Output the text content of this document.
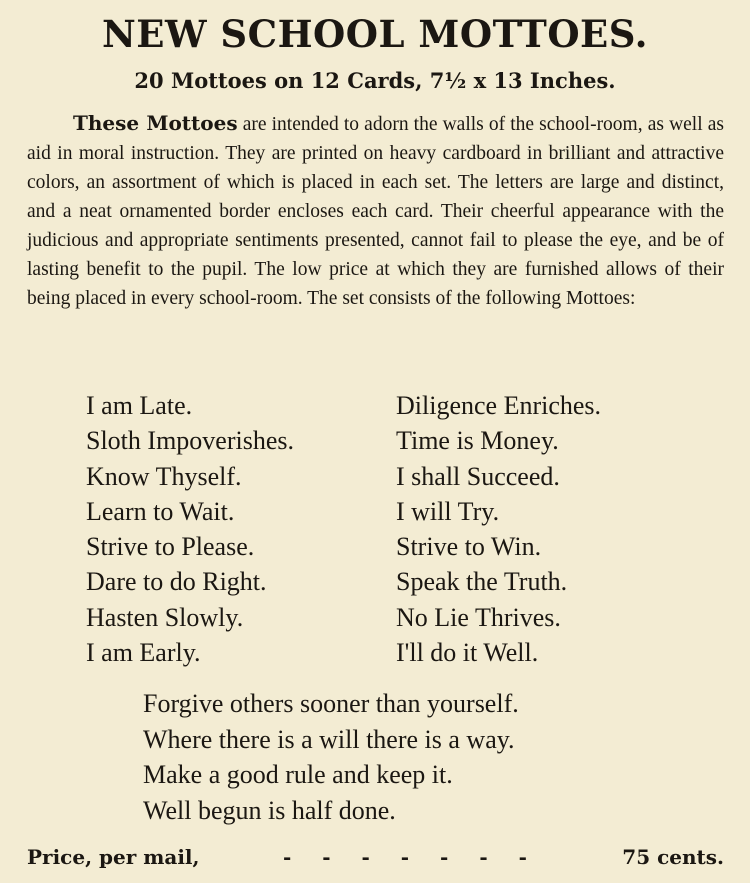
NEW SCHOOL MOTTOES.
20 Mottoes on 12 Cards, 7½ x 13 Inches.
These Mottoes are intended to adorn the walls of the school-room, as well as aid in moral instruction. They are printed on heavy cardboard in brilliant and attractive colors, an assortment of which is placed in each set. The letters are large and distinct, and a neat ornamented border encloses each card. Their cheerful appearance with the judicious and appropriate sentiments presented, cannot fail to please the eye, and be of lasting benefit to the pupil. The low price at which they are furnished allows of their being placed in every school-room. The set consists of the following Mottoes:
I am Late.
Sloth Impoverishes.
Know Thyself.
Learn to Wait.
Strive to Please.
Dare to do Right.
Hasten Slowly.
I am Early.
Diligence Enriches.
Time is Money.
I shall Succeed.
I will Try.
Strive to Win.
Speak the Truth.
No Lie Thrives.
I'll do it Well.
Forgive others sooner than yourself.
Where there is a will there is a way.
Make a good rule and keep it.
Well begun is half done.
Price, per mail,	- - - - - - -	75 cents.
